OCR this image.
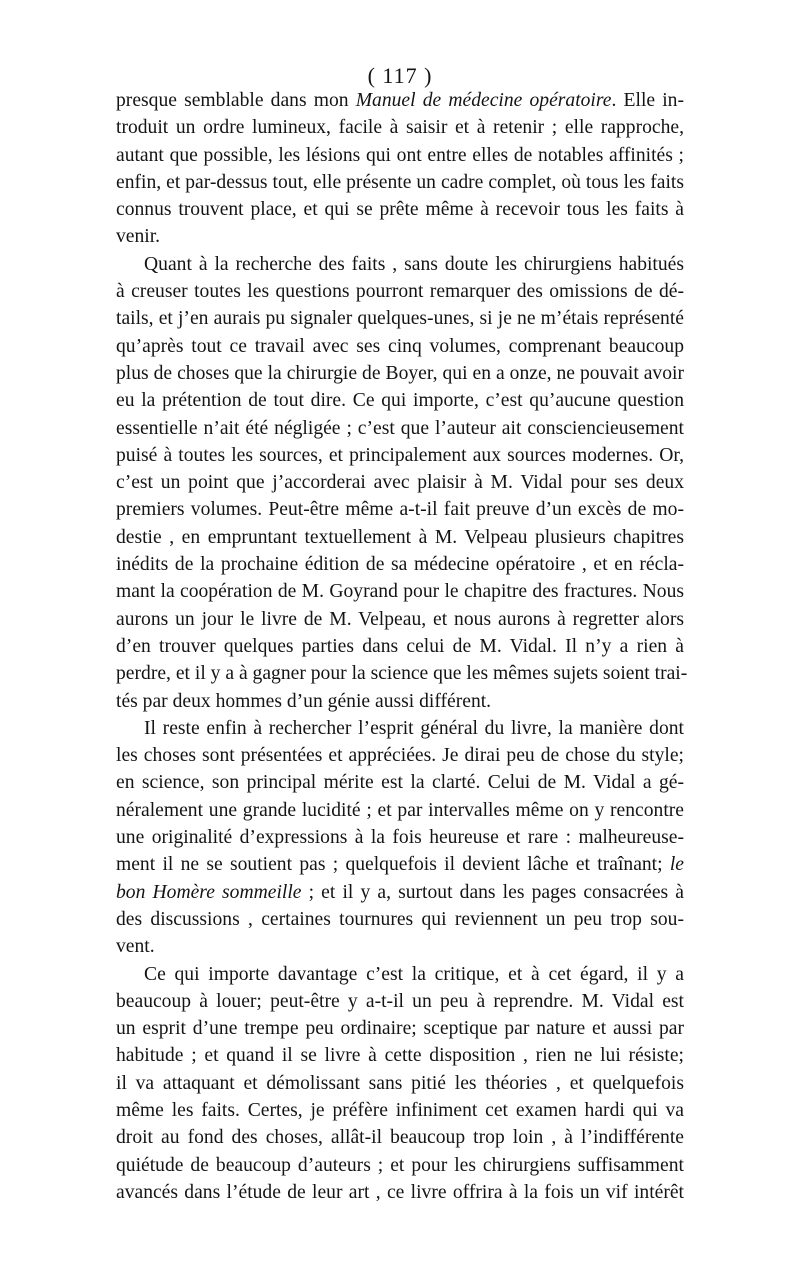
( 117 )
presque semblable dans mon Manuel de médecine opératoire. Elle in-
troduit un ordre lumineux, facile à saisir et à retenir ; elle rapproche,
autant que possible, les lésions qui ont entre elles de notables affinités ;
enfin, et par-dessus tout, elle présente un cadre complet, où tous les faits
connus trouvent place, et qui se prête même à recevoir tous les faits à
venir.
Quant à la recherche des faits , sans doute les chirurgiens habitués
à creuser toutes les questions pourront remarquer des omissions de dé-
tails, et j’en aurais pu signaler quelques-unes, si je ne m’étais représenté
qu’après tout ce travail avec ses cinq volumes, comprenant beaucoup
plus de choses que la chirurgie de Boyer, qui en a onze, ne pouvait avoir
eu la prétention de tout dire. Ce qui importe, c’est qu’aucune question
essentielle n’ait été négligée ; c’est que l’auteur ait consciencieusement
puisé à toutes les sources, et principalement aux sources modernes. Or,
c’est un point que j’accorderai avec plaisir à M. Vidal pour ses deux
premiers volumes. Peut-être même a-t-il fait preuve d’un excès de mo-
destie , en empruntant textuellement à M. Velpeau plusieurs chapitres
inédits de la prochaine édition de sa médecine opératoire , et en récla-
mant la coopération de M. Goyrand pour le chapitre des fractures. Nous
aurons un jour le livre de M. Velpeau, et nous aurons à regretter alors
d’en trouver quelques parties dans celui de M. Vidal. Il n’y a rien à
perdre, et il y a à gagner pour la science que les mêmes sujets soient trai-
tés par deux hommes d’un génie aussi différent.
Il reste enfin à rechercher l’esprit général du livre, la manière dont
les choses sont présentées et appréciées. Je dirai peu de chose du style;
en science, son principal mérite est la clarté. Celui de M. Vidal a gé-
néralement une grande lucidité ; et par intervalles même on y rencontre
une originalité d’expressions à la fois heureuse et rare : malheureuse-
ment il ne se soutient pas ; quelquefois il devient lâche et traînant; le
bon Homère sommeille ; et il y a, surtout dans les pages consacrées à
des discussions , certaines tournures qui reviennent un peu trop sou-
vent.
Ce qui importe davantage c’est la critique, et à cet égard, il y a
beaucoup à louer; peut-être y a-t-il un peu à reprendre. M. Vidal est
un esprit d’une trempe peu ordinaire; sceptique par nature et aussi par
habitude ; et quand il se livre à cette disposition , rien ne lui résiste;
il va attaquant et démolissant sans pitié les théories , et quelquefois
même les faits. Certes, je préfère infiniment cet examen hardi qui va
droit au fond des choses, allât-il beaucoup trop loin , à l’indifférente
quiétude de beaucoup d’auteurs ; et pour les chirurgiens suffisamment
avancés dans l’étude de leur art , ce livre offrira à la fois un vif intérêt
